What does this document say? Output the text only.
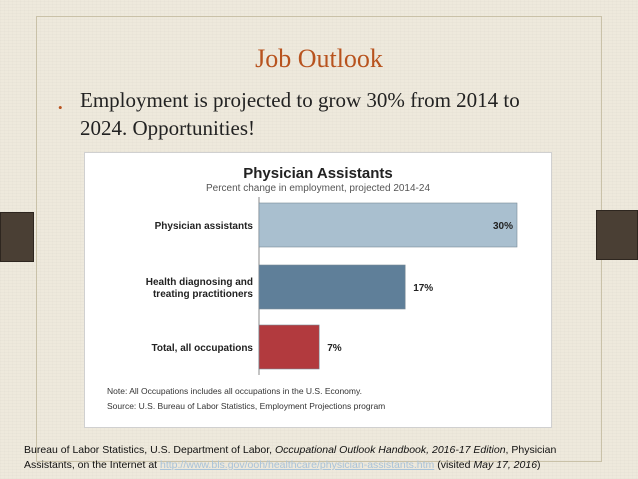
Job Outlook
• Employment is projected to grow 30% from 2014 to 2024. Opportunities!
Physician Assistants
Percent change in employment, projected 2014-24
Physician assistants	30%
Health diagnosing and
treating practitioners
17%
Total, all occupations	7%
Note: All Occupations includes all occupations in the U.S. Economy.
Source: U.S. Bureau of Labor Statistics, Employment Projections program
Bureau of Labor Statistics, U.S. Department of Labor, Occupational Outlook Handbook, 2016-17 Edition, Physician
Assistants, on the Internet at http://www.bls.gov/ooh/healthcare/physician-assistants.htm (visited May 17, 2016)
